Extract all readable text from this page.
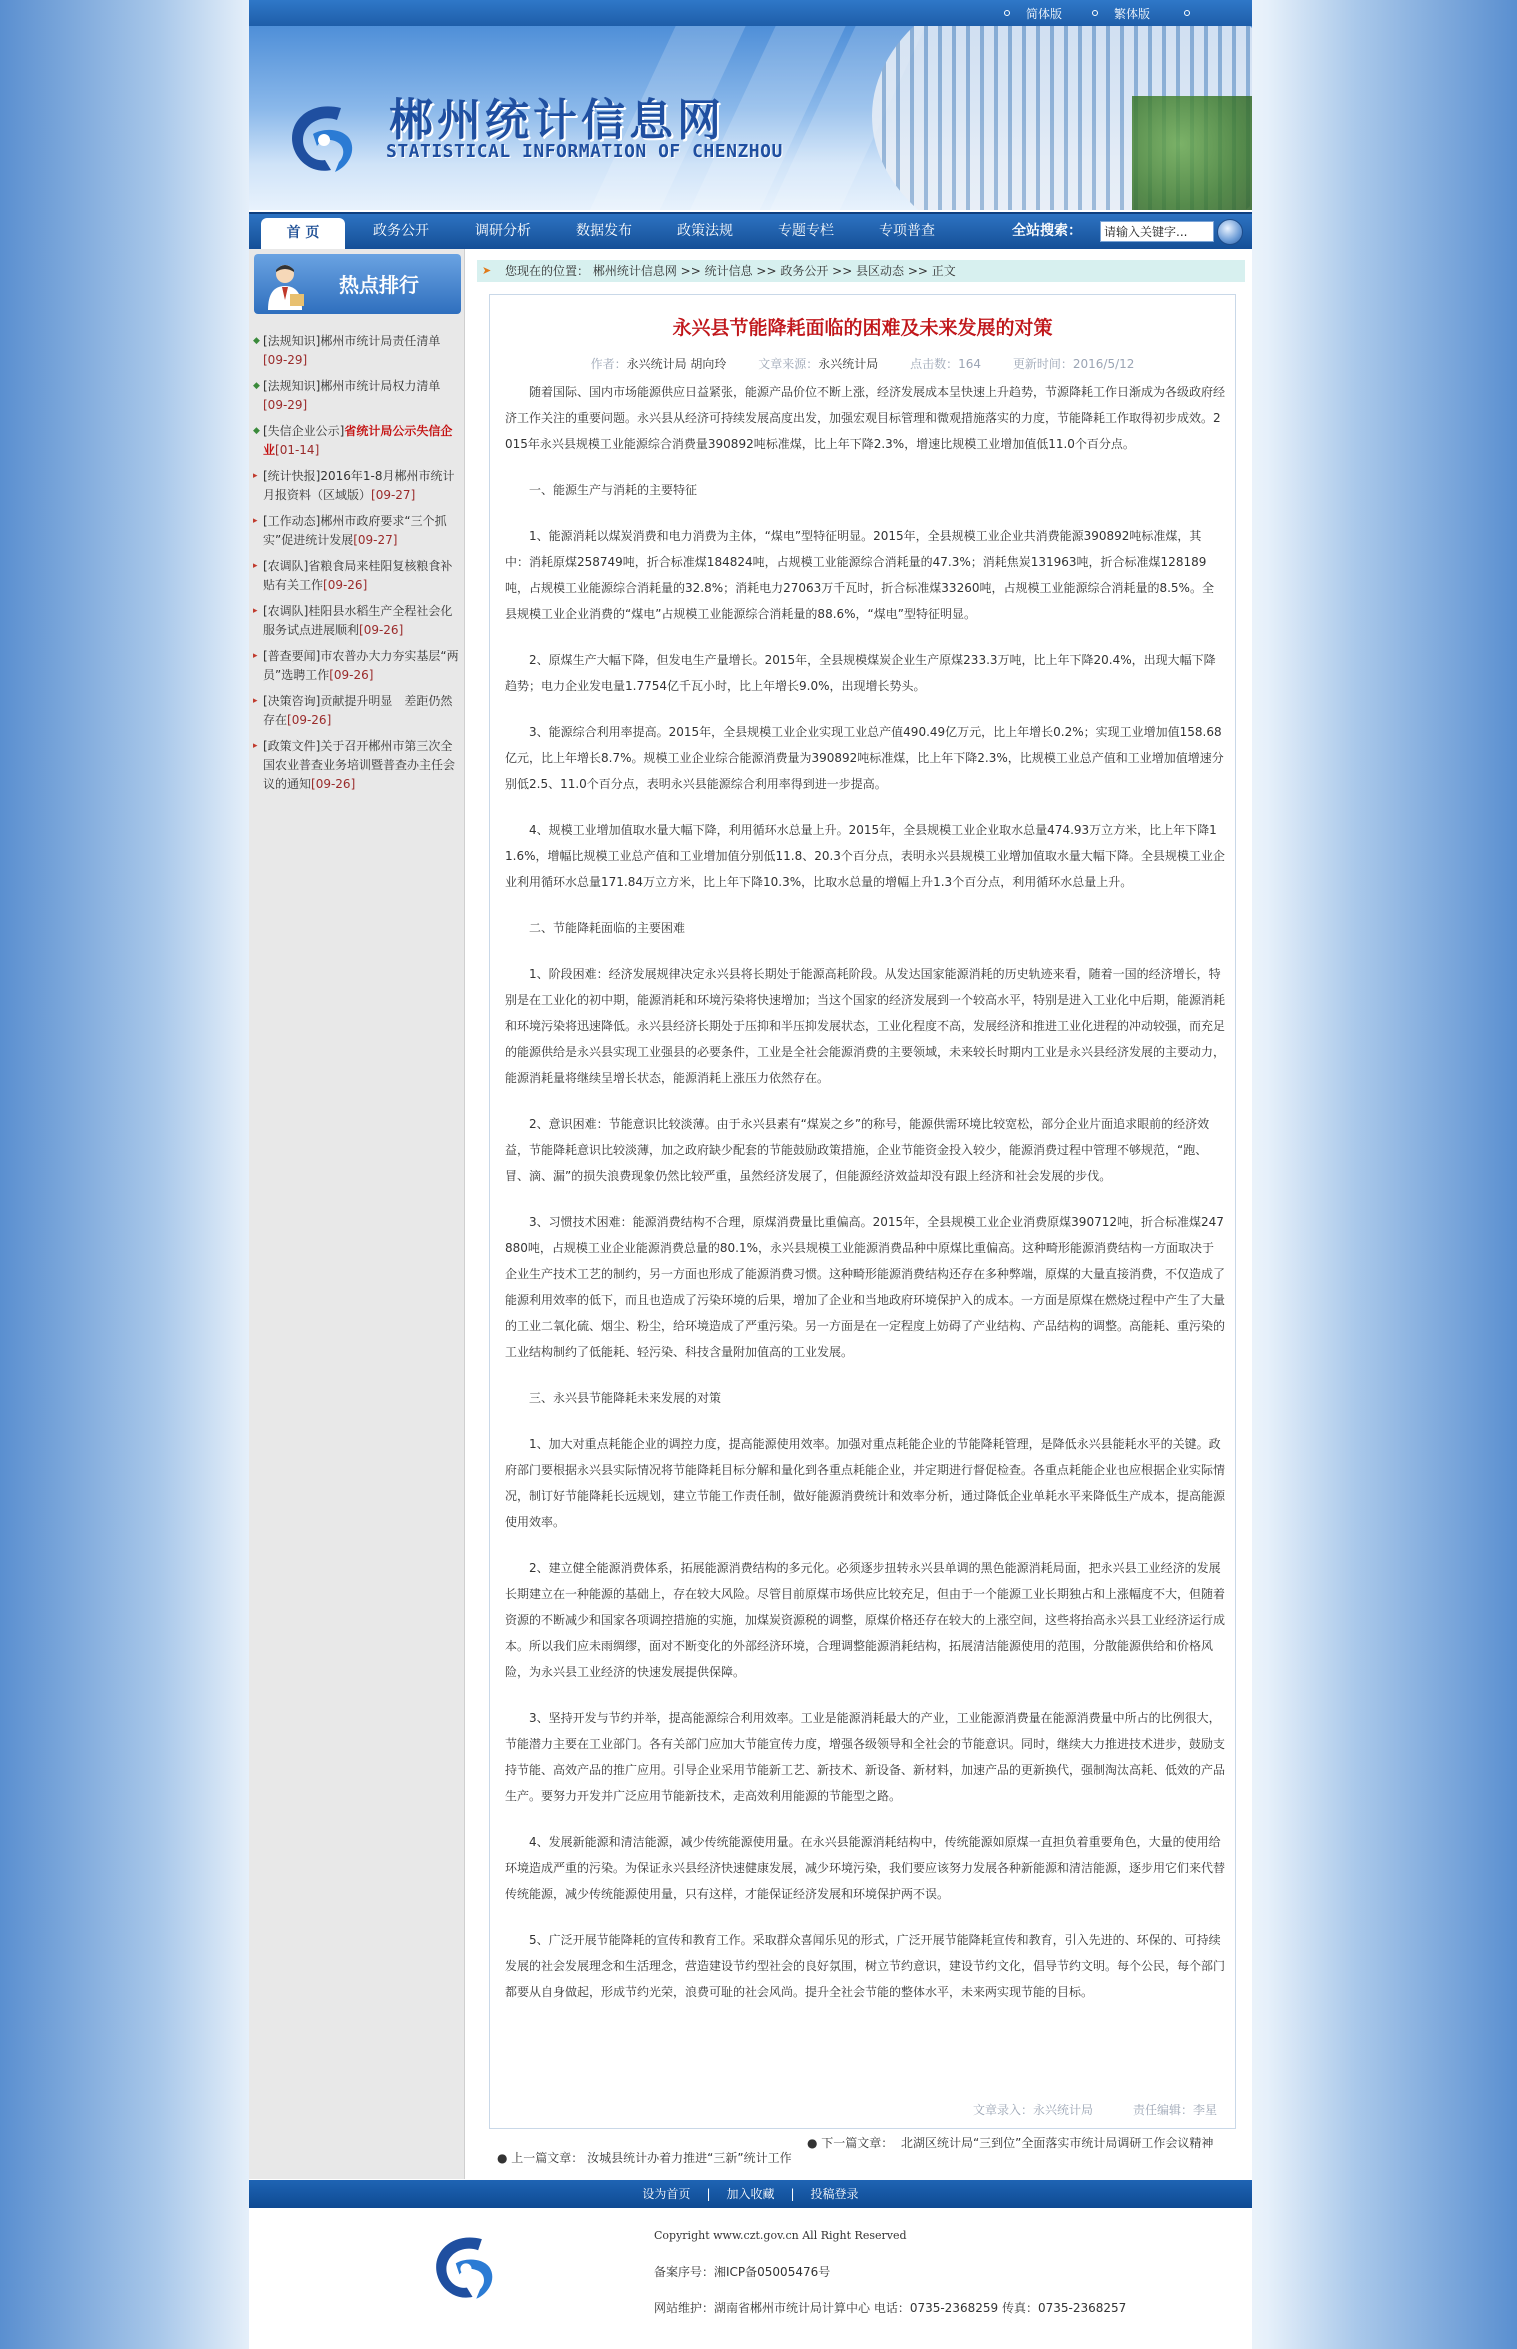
简体版	繁体版
郴州统计信息网
STATISTICAL INFORMATION OF CHENZHOU
首 页	政务公开	调研分析	数据发布	政策法规	专题专栏	专项普查	全站搜索：
请输入关键字...
热点排行
◆ [法规知识]郴州市统计局责任清单
[09-29]
◆ [法规知识]郴州市统计局权力清单
[09-29]
◆ [失信企业公示]省统计局公示失信企业[01-14]
▸ [统计快报]2016年1-8月郴州市统计月报资料（区域版）[09-27]
▸ [工作动态]郴州市政府要求“三个抓实”促进统计发展[09-27]
▸ [农调队]省粮食局来桂阳复核粮食补贴有关工作[09-26]
▸ [农调队]桂阳县水稻生产全程社会化服务试点进展顺利[09-26]
▸ [普查要闻]市农普办大力夯实基层“两员”选聘工作[09-26]
▸ [决策咨询]贡献提升明显　差距仍然存在[09-26]
▸ [政策文件]关于召开郴州市第三次全国农业普查业务培训暨普查办主任会议的通知[09-26]
➤ 您现在的位置： 郴州统计信息网 >> 统计信息 >> 政务公开 >> 县区动态 >> 正文
永兴县节能降耗面临的困难及未来发展的对策
作者：永兴统计局 胡向玲	文章来源：永兴统计局	点击数：164	更新时间：2016/5/12

随着国际、国内市场能源供应日益紧张，能源产品价位不断上涨，经济发展成本呈快速上升趋势，节源降耗工作日渐成为各级政府经济工作关注的重要问题。永兴县从经济可持续发展高度出发，加强宏观目标管理和微观措施落实的力度，节能降耗工作取得初步成效。2015年永兴县规模工业能源综合消费量390892吨标准煤，比上年下降2.3%，增速比规模工业增加值低11.0个百分点。

一、能源生产与消耗的主要特征

1、能源消耗以煤炭消费和电力消费为主体，“煤电”型特征明显。2015年，全县规模工业企业共消费能源390892吨标准煤，其中：消耗原煤258749吨，折合标准煤184824吨，占规模工业能源综合消耗量的47.3%；消耗焦炭131963吨，折合标准煤128189吨，占规模工业能源综合消耗量的32.8%；消耗电力27063万千瓦时，折合标准煤33260吨，占规模工业能源综合消耗量的8.5%。全县规模工业企业消费的“煤电”占规模工业能源综合消耗量的88.6%，“煤电”型特征明显。

2、原煤生产大幅下降，但发电生产量增长。2015年，全县规模煤炭企业生产原煤233.3万吨，比上年下降20.4%，出现大幅下降趋势；电力企业发电量1.7754亿千瓦小时，比上年增长9.0%，出现增长势头。

3、能源综合利用率提高。2015年，全县规模工业企业实现工业总产值490.49亿万元，比上年增长0.2%；实现工业增加值158.68亿元，比上年增长8.7%。规模工业企业综合能源消费量为390892吨标准煤，比上年下降2.3%，比规模工业总产值和工业增加值增速分别低2.5、11.0个百分点，表明永兴县能源综合利用率得到进一步提高。

4、规模工业增加值取水量大幅下降，利用循环水总量上升。2015年，全县规模工业企业取水总量474.93万立方米，比上年下降11.6%，增幅比规模工业总产值和工业增加值分别低11.8、20.3个百分点，表明永兴县规模工业增加值取水量大幅下降。全县规模工业企业利用循环水总量171.84万立方米，比上年下降10.3%，比取水总量的增幅上升1.3个百分点，利用循环水总量上升。

二、节能降耗面临的主要困难

1、阶段困难：经济发展规律决定永兴县将长期处于能源高耗阶段。从发达国家能源消耗的历史轨迹来看，随着一国的经济增长，特别是在工业化的初中期，能源消耗和环境污染将快速增加；当这个国家的经济发展到一个较高水平，特别是进入工业化中后期，能源消耗和环境污染将迅速降低。永兴县经济长期处于压抑和半压抑发展状态，工业化程度不高，发展经济和推进工业化进程的冲动较强，而充足的能源供给是永兴县实现工业强县的必要条件，工业是全社会能源消费的主要领域，未来较长时期内工业是永兴县经济发展的主要动力，能源消耗量将继续呈增长状态，能源消耗上涨压力依然存在。

2、意识困难：节能意识比较淡薄。由于永兴县素有“煤炭之乡”的称号，能源供需环境比较宽松，部分企业片面追求眼前的经济效益，节能降耗意识比较淡薄，加之政府缺少配套的节能鼓励政策措施，企业节能资金投入较少，能源消费过程中管理不够规范，“跑、冒、滴、漏”的损失浪费现象仍然比较严重，虽然经济发展了，但能源经济效益却没有跟上经济和社会发展的步伐。

3、习惯技术困难：能源消费结构不合理，原煤消费量比重偏高。2015年，全县规模工业企业消费原煤390712吨，折合标准煤247880吨，占规模工业企业能源消费总量的80.1%，永兴县规模工业能源消费品种中原煤比重偏高。这种畸形能源消费结构一方面取决于企业生产技术工艺的制约，另一方面也形成了能源消费习惯。这种畸形能源消费结构还存在多种弊端，原煤的大量直接消费，不仅造成了能源利用效率的低下，而且也造成了污染环境的后果，增加了企业和当地政府环境保护入的成本。一方面是原煤在燃烧过程中产生了大量的工业二氧化硫、烟尘、粉尘，给环境造成了严重污染。另一方面是在一定程度上妨碍了产业结构、产品结构的调整。高能耗、重污染的工业结构制约了低能耗、轻污染、科技含量附加值高的工业发展。

三、永兴县节能降耗未来发展的对策

1、加大对重点耗能企业的调控力度，提高能源使用效率。加强对重点耗能企业的节能降耗管理，是降低永兴县能耗水平的关键。政府部门要根据永兴县实际情况将节能降耗目标分解和量化到各重点耗能企业，并定期进行督促检查。各重点耗能企业也应根据企业实际情况，制订好节能降耗长远规划，建立节能工作责任制，做好能源消费统计和效率分析，通过降低企业单耗水平来降低生产成本，提高能源使用效率。

2、建立健全能源消费体系，拓展能源消费结构的多元化。必须逐步扭转永兴县单调的黑色能源消耗局面，把永兴县工业经济的发展长期建立在一种能源的基础上，存在较大风险。尽管目前原煤市场供应比较充足，但由于一个能源工业长期独占和上涨幅度不大，但随着资源的不断减少和国家各项调控措施的实施，加煤炭资源税的调整，原煤价格还存在较大的上涨空间，这些将抬高永兴县工业经济运行成本。所以我们应未雨绸缪，面对不断变化的外部经济环境，合理调整能源消耗结构，拓展清洁能源使用的范围，分散能源供给和价格风险，为永兴县工业经济的快速发展提供保障。

3、坚持开发与节约并举，提高能源综合利用效率。工业是能源消耗最大的产业，工业能源消费量在能源消费量中所占的比例很大，节能潜力主要在工业部门。各有关部门应加大节能宣传力度，增强各级领导和全社会的节能意识。同时，继续大力推进技术进步，鼓励支持节能、高效产品的推广应用。引导企业采用节能新工艺、新技术、新设备、新材料，加速产品的更新换代，强制淘汰高耗、低效的产品生产。要努力开发并广泛应用节能新技术，走高效利用能源的节能型之路。

4、发展新能源和清洁能源，减少传统能源使用量。在永兴县能源消耗结构中，传统能源如原煤一直担负着重要角色，大量的使用给环境造成严重的污染。为保证永兴县经济快速健康发展，减少环境污染，我们要应该努力发展各种新能源和清洁能源，逐步用它们来代替传统能源，减少传统能源使用量，只有这样，才能保证经济发展和环境保护两不误。

5、广泛开展节能降耗的宣传和教育工作。采取群众喜闻乐见的形式，广泛开展节能降耗宣传和教育，引入先进的、环保的、可持续发展的社会发展理念和生活理念，营造建设节约型社会的良好氛围，树立节约意识，建设节约文化，倡导节约文明。每个公民，每个部门都要从自身做起，形成节约光荣，浪费可耻的社会风尚。提升全社会节能的整体水平，未来两实现节能的目标。

文章录入：永兴统计局	责任编辑：李星
● 上一篇文章： 汝城县统计办着力推进“三新”统计工作
● 下一篇文章： 北湖区统计局“三到位”全面落实市统计局调研工作会议精神
设为首页 | 加入收藏 | 投稿登录
Copyright www.czt.gov.cn All Right Reserved
备案序号：湘ICP备05005476号
网站维护：湖南省郴州市统计局计算中心 电话：0735-2368259 传真：0735-2368257
